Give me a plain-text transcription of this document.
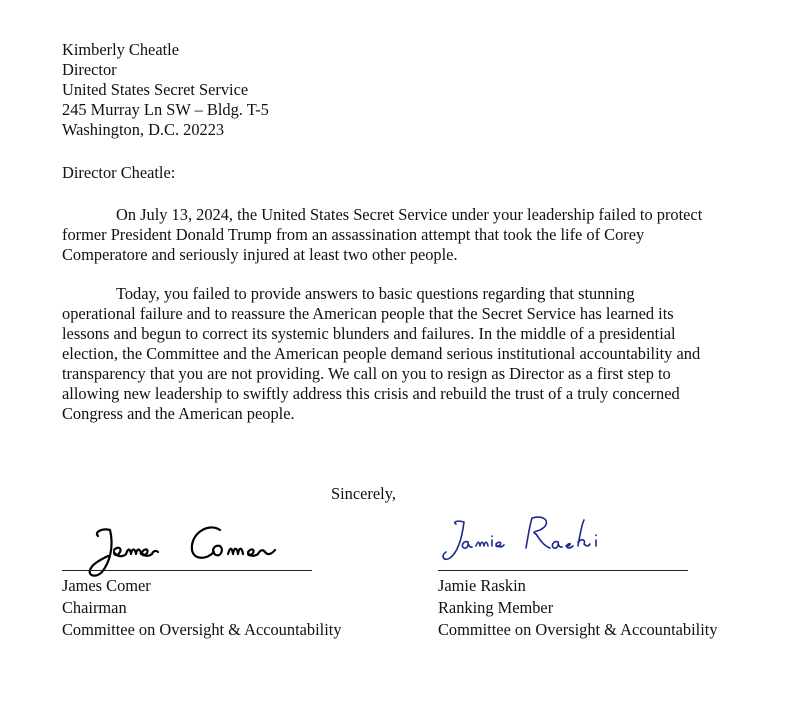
Kimberly Cheatle
Director
United States Secret Service
245 Murray Ln SW – Bldg. T-5
Washington, D.C. 20223
Director Cheatle:
On July 13, 2024, the United States Secret Service under your leadership failed to protect
former President Donald Trump from an assassination attempt that took the life of Corey
Comperatore and seriously injured at least two other people.
Today, you failed to provide answers to basic questions regarding that stunning
operational failure and to reassure the American people that the Secret Service has learned its
lessons and begun to correct its systemic blunders and failures. In the middle of a presidential
election, the Committee and the American people demand serious institutional accountability and
transparency that you are not providing. We call on you to resign as Director as a first step to
allowing new leadership to swiftly address this crisis and rebuild the trust of a truly concerned
Congress and the American people.
Sincerely,
James Comer
Chairman
Committee on Oversight & Accountability
Jamie Raskin
Ranking Member
Committee on Oversight & Accountability
